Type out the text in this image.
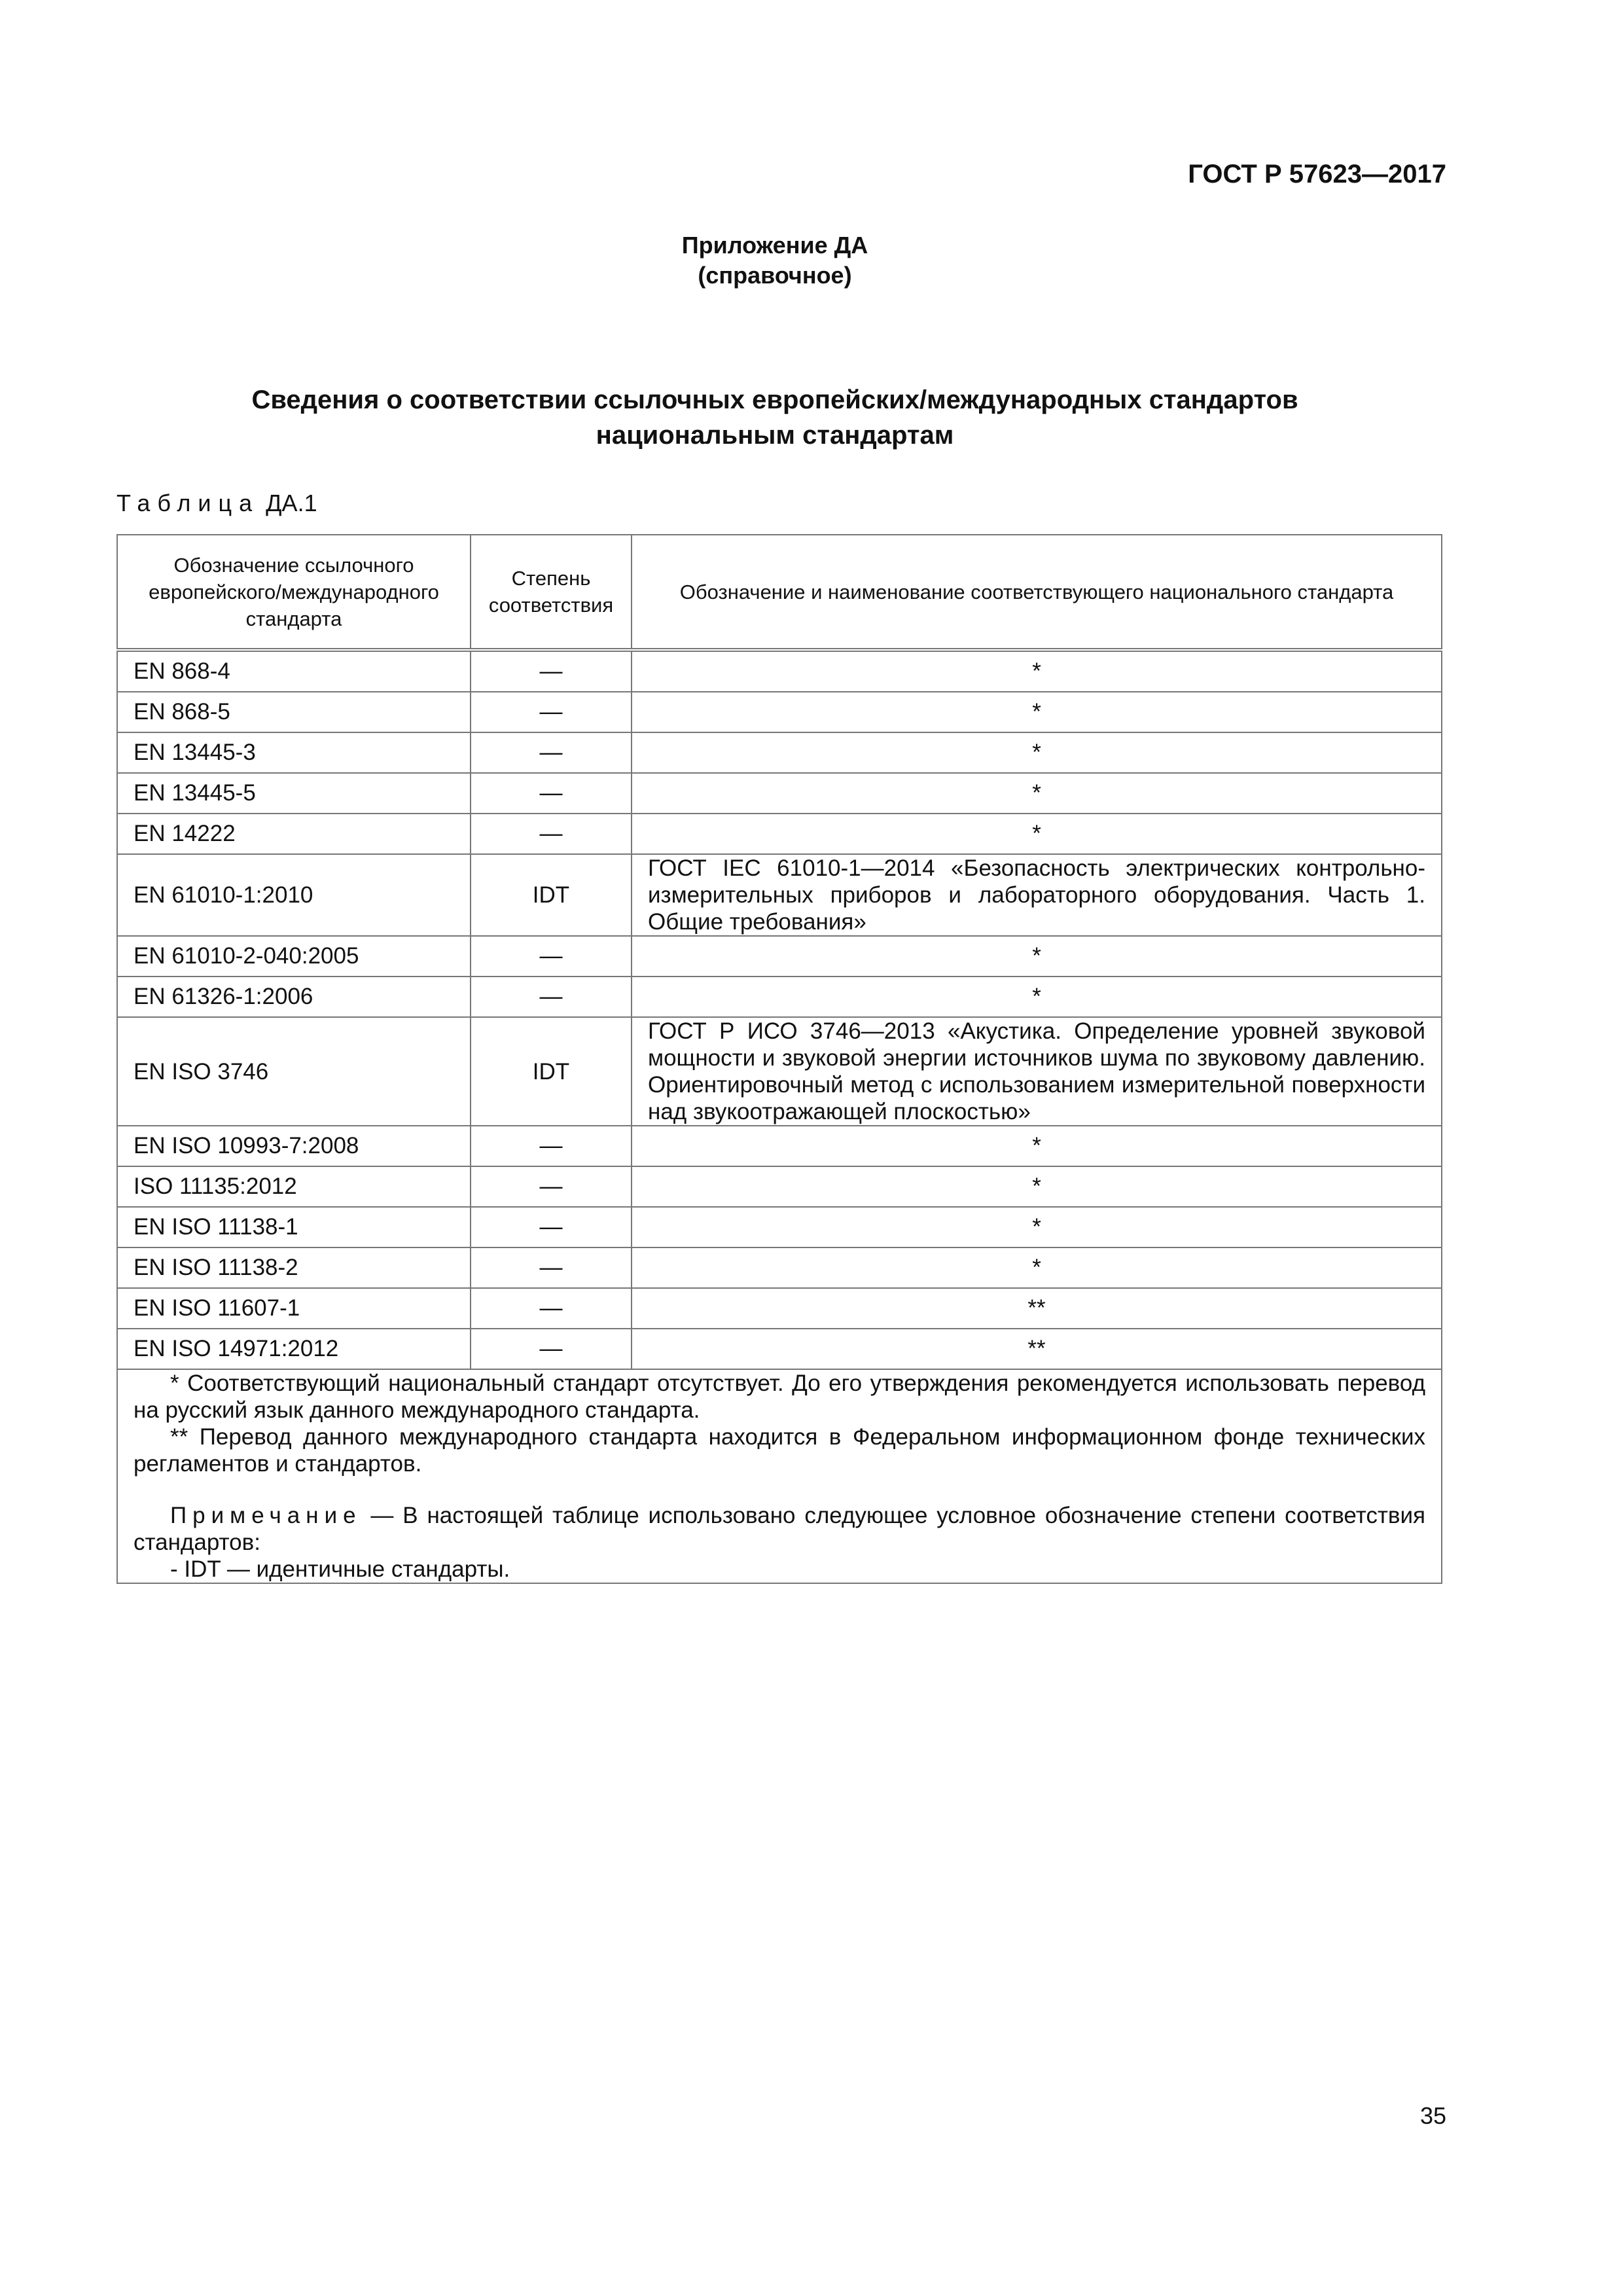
ГОСТ Р 57623—2017
Приложение ДА
(справочное)
Сведения о соответствии ссылочных европейских/международных стандартов
национальным стандартам
Таблица ДА.1
Обозначение ссылочного европейского/международного стандарта	Степень соответствия	Обозначение и наименование соответствующего национального стандарта
EN 868-4	—	*
EN 868-5	—	*
EN 13445-3	—	*
EN 13445-5	—	*
EN 14222	—	*
EN 61010-1:2010	IDT	ГОСТ IEC 61010-1—2014 «Безопасность электрических контрольно-измерительных приборов и лабораторного оборудования. Часть 1. Общие требования»
EN 61010-2-040:2005	—	*
EN 61326-1:2006	—	*
EN ISO 3746	IDT	ГОСТ Р ИСО 3746—2013 «Акустика. Определение уровней звуковой мощности и звуковой энергии источников шума по звуковому давлению. Ориентировочный метод с использованием измерительной поверхности над звукоотражающей плоскостью»
EN ISO 10993-7:2008	—	*
ISO 11135:2012	—	*
EN ISO 11138-1	—	*
EN ISO 11138-2	—	*
EN ISO 11607-1	—	**
EN ISO 14971:2012	—	**

* Соответствующий национальный стандарт отсутствует. До его утверждения рекомендуется использовать перевод на русский язык данного международного стандарта.

** Перевод данного международного стандарта находится в Федеральном информационном фонде технических регламентов и стандартов.

Примечание — В настоящей таблице использовано следующее условное обозначение степени соответствия стандартов:

- IDT — идентичные стандарты.		

35
